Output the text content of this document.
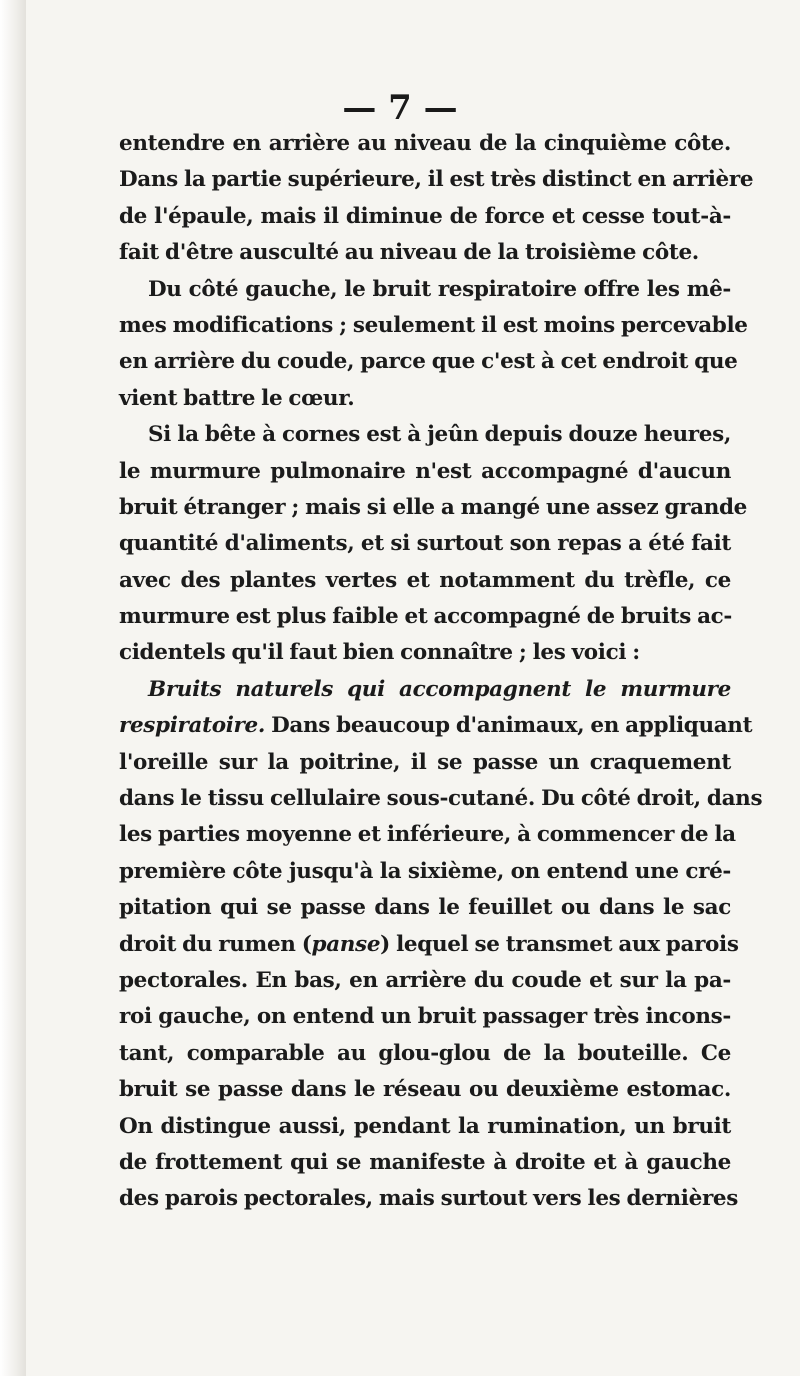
— 7 —
entendre en arrière au niveau de la cinquième côte.
Dans la partie supérieure, il est très distinct en arrière
de l'épaule, mais il diminue de force et cesse tout-à-
fait d'être ausculté au niveau de la troisième côte.
Du côté gauche, le bruit respiratoire offre les mê-
mes modifications ; seulement il est moins percevable
en arrière du coude, parce que c'est à cet endroit que
vient battre le cœur.
Si la bête à cornes est à jeûn depuis douze heures,
le murmure pulmonaire n'est accompagné d'aucun
bruit étranger ; mais si elle a mangé une assez grande
quantité d'aliments, et si surtout son repas a été fait
avec des plantes vertes et notamment du trèfle, ce
murmure est plus faible et accompagné de bruits ac-
cidentels qu'il faut bien connaître ; les voici :
Bruits naturels qui accompagnent le murmure
respiratoire. Dans beaucoup d'animaux, en appliquant
l'oreille sur la poitrine, il se passe un craquement
dans le tissu cellulaire sous-cutané. Du côté droit, dans
les parties moyenne et inférieure, à commencer de la
première côte jusqu'à la sixième, on entend une cré-
pitation qui se passe dans le feuillet ou dans le sac
droit du rumen (panse) lequel se transmet aux parois
pectorales. En bas, en arrière du coude et sur la pa-
roi gauche, on entend un bruit passager très incons-
tant, comparable au glou-glou de la bouteille. Ce
bruit se passe dans le réseau ou deuxième estomac.
On distingue aussi, pendant la rumination, un bruit
de frottement qui se manifeste à droite et à gauche
des parois pectorales, mais surtout vers les dernières
